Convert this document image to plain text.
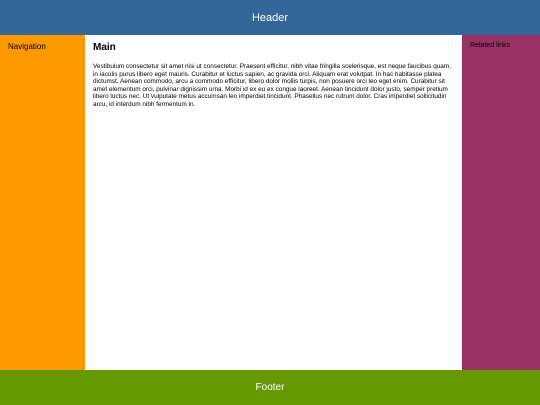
Header
Navigation	Main

Vestibulum consectetur sit amet nisi ut consectetur. Praesent efficitur, nibh vitae fringilla scelerisque, est neque faucibus quam, in iaculis purus libero eget mauris. Curabitur et luctus sapien, ac gravida orci. Aliquam erat volutpat. In hac habitasse platea dictumst. Aenean commodo, arcu a commodo efficitur, libero dolor mollis turpis, non posuere orci leo eget enim. Curabitur sit amet elementum orci, pulvinar dignissim urna. Morbi id ex eu ex congue laoreet. Aenean tincidunt dolor justo, semper pretium libero luctus nec. Ut vulputate metus accumsan leo imperdiet tincidunt. Phasellus nec rutrum dolor. Cras imperdiet sollicitudin arcu, id interdum nibh fermentum in.

Related links
Footer
